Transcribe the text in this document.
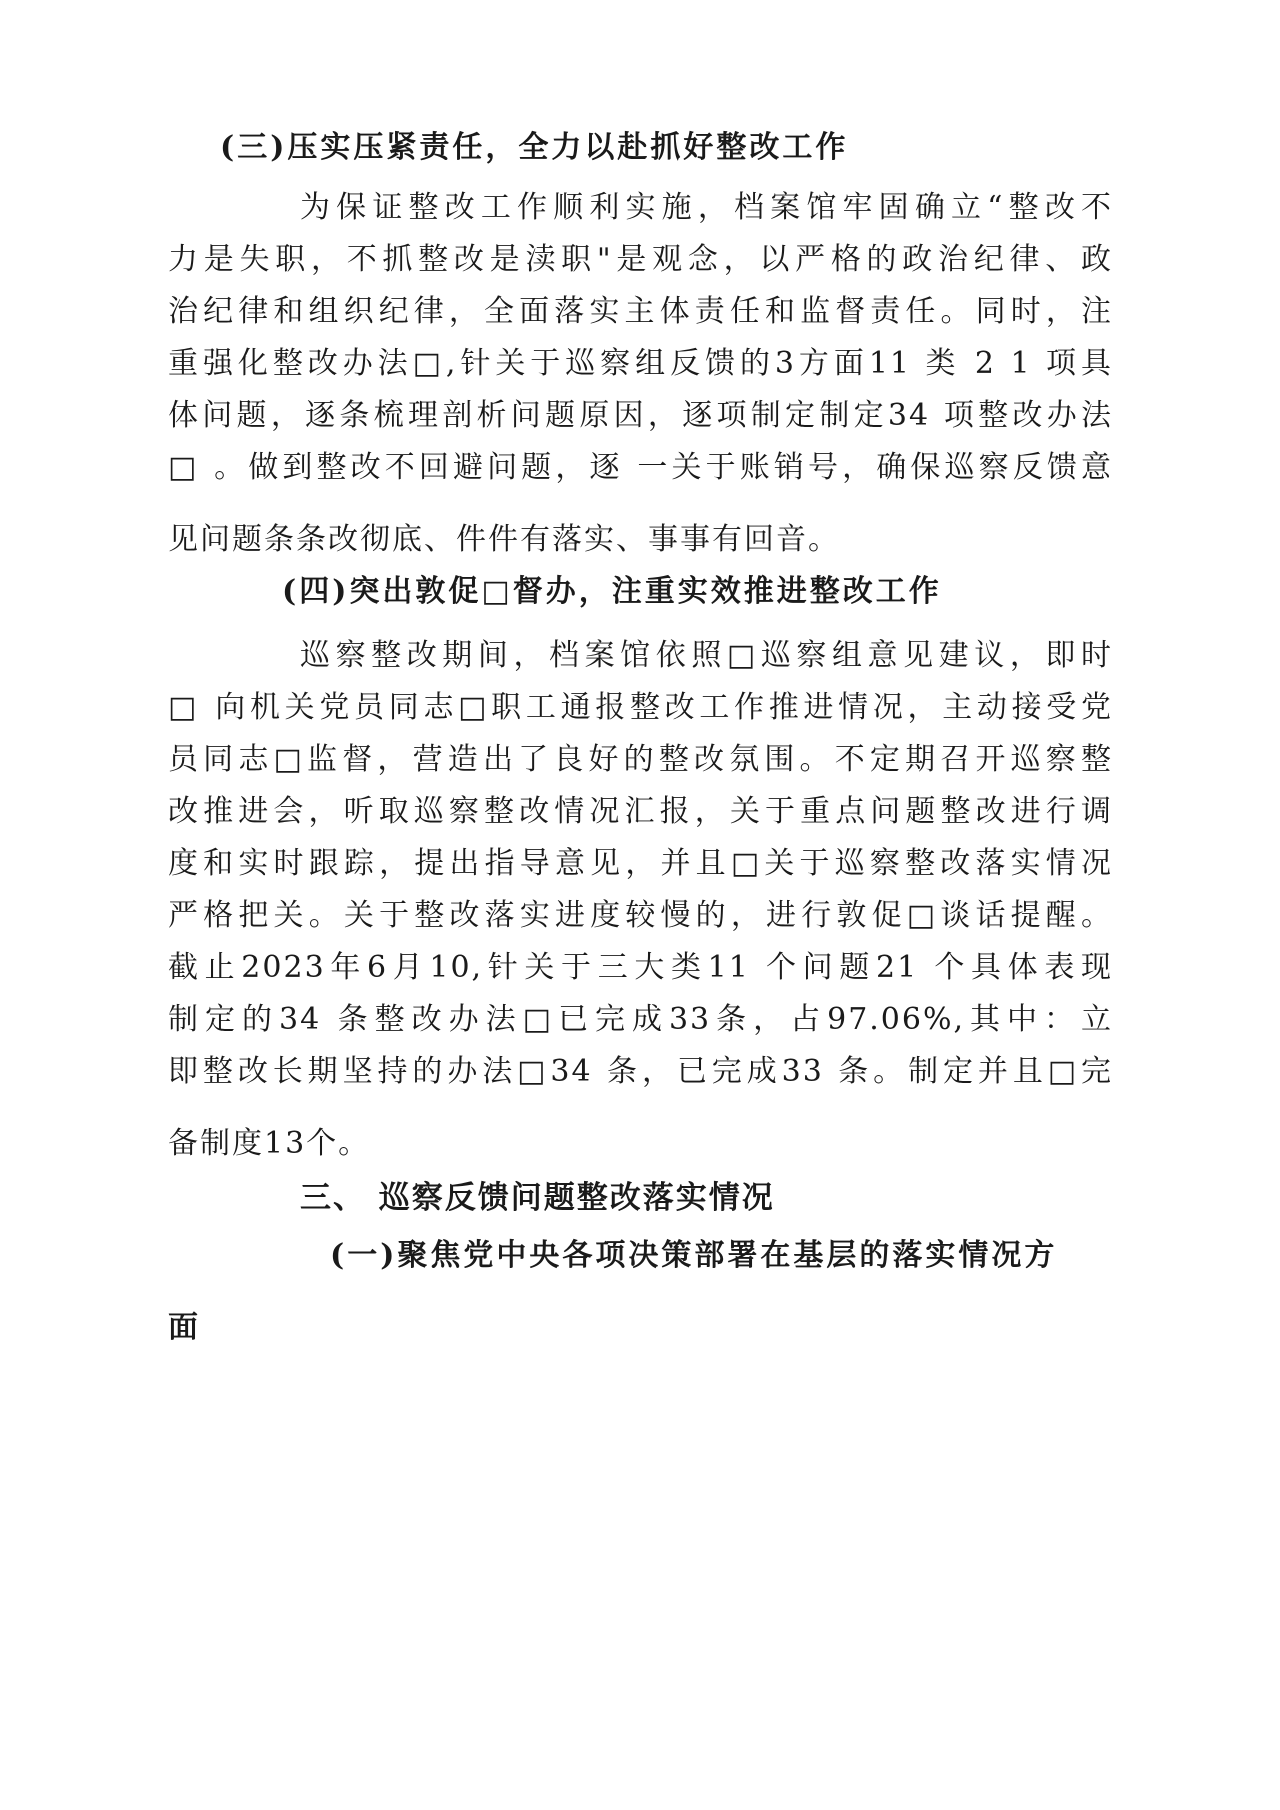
(三)压实压紧责任，全力以赴抓好整改工作
为保证整改工作顺利实施，档案馆牢固确立“整改不
力是失职，不抓整改是渎职"是观念，以严格的政治纪律、政
治纪律和组织纪律，全面落实主体责任和监督责任。同时，注
重强化整改办法□,针关于巡察组反馈的3方面11 类 2 1 项具
体问题，逐条梳理剖析问题原因，逐项制定制定34 项整改办法
□ 。做到整改不回避问题，逐 一关于账销号，确保巡察反馈意
见问题条条改彻底、件件有落实、事事有回音。
(四)突出敦促□督办，注重实效推进整改工作
巡察整改期间，档案馆依照□巡察组意见建议，即时
□ 向机关党员同志□职工通报整改工作推进情况，主动接受党
员同志□监督，营造出了良好的整改氛围。不定期召开巡察整
改推进会，听取巡察整改情况汇报，关于重点问题整改进行调
度和实时跟踪，提出指导意见，并且□关于巡察整改落实情况
严格把关。关于整改落实进度较慢的，进行敦促□谈话提醒。
截止2023年6月10,针关于三大类11 个问题21 个具体表现
制定的34 条整改办法□已完成33条，占97.06%,其中：立
即整改长期坚持的办法□34 条，已完成33 条。制定并且□完
备制度13个。
三、 巡察反馈问题整改落实情况
(一)聚焦党中央各项决策部署在基层的落实情况方
面
